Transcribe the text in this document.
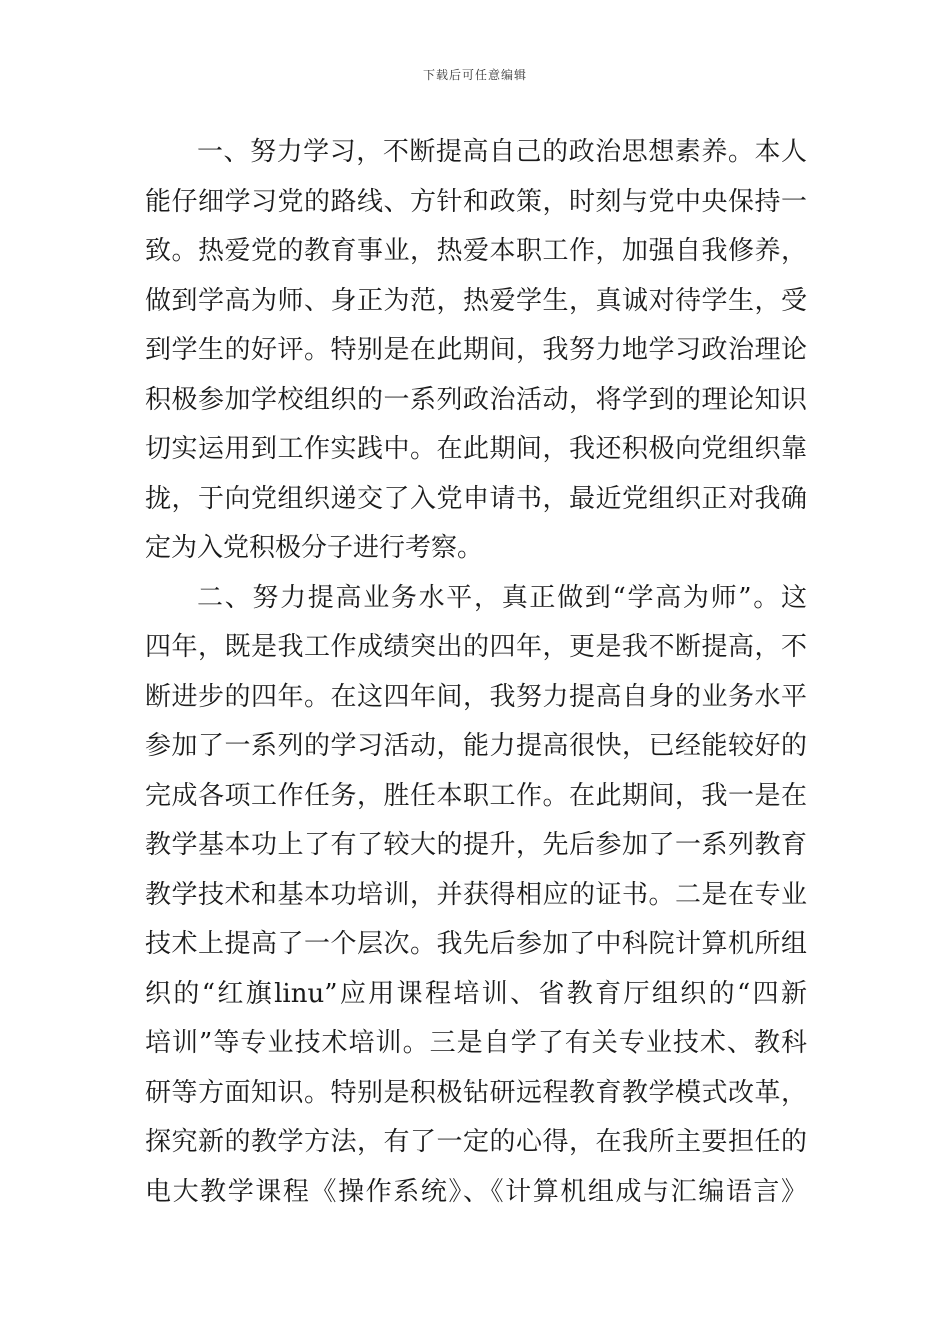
下载后可任意编辑
一、努力学习，不断提高自己的政治思想素养。本人
能仔细学习党的路线、方针和政策，时刻与党中央保持一
致。热爱党的教育事业，热爱本职工作，加强自我修养，
做到学高为师、身正为范，热爱学生，真诚对待学生，受
到学生的好评。特别是在此期间，我努力地学习政治理论
积极参加学校组织的一系列政治活动，将学到的理论知识
切实运用到工作实践中。在此期间，我还积极向党组织靠
拢，于向党组织递交了入党申请书，最近党组织正对我确
定为入党积极分子进行考察。
二、努力提高业务水平，真正做到“学高为师”。这
四年，既是我工作成绩突出的四年，更是我不断提高，不
断进步的四年。在这四年间，我努力提高自身的业务水平
参加了一系列的学习活动，能力提高很快，已经能较好的
完成各项工作任务，胜任本职工作。在此期间，我一是在
教学基本功上了有了较大的提升，先后参加了一系列教育
教学技术和基本功培训，并获得相应的证书。二是在专业
技术上提高了一个层次。我先后参加了中科院计算机所组
织的“红旗linu”应用课程培训、省教育厅组织的“四新
培训”等专业技术培训。三是自学了有关专业技术、教科
研等方面知识。特别是积极钻研远程教育教学模式改革，
探究新的教学方法，有了一定的心得，在我所主要担任的
电大教学课程《操作系统》、《计算机组成与汇编语言》
